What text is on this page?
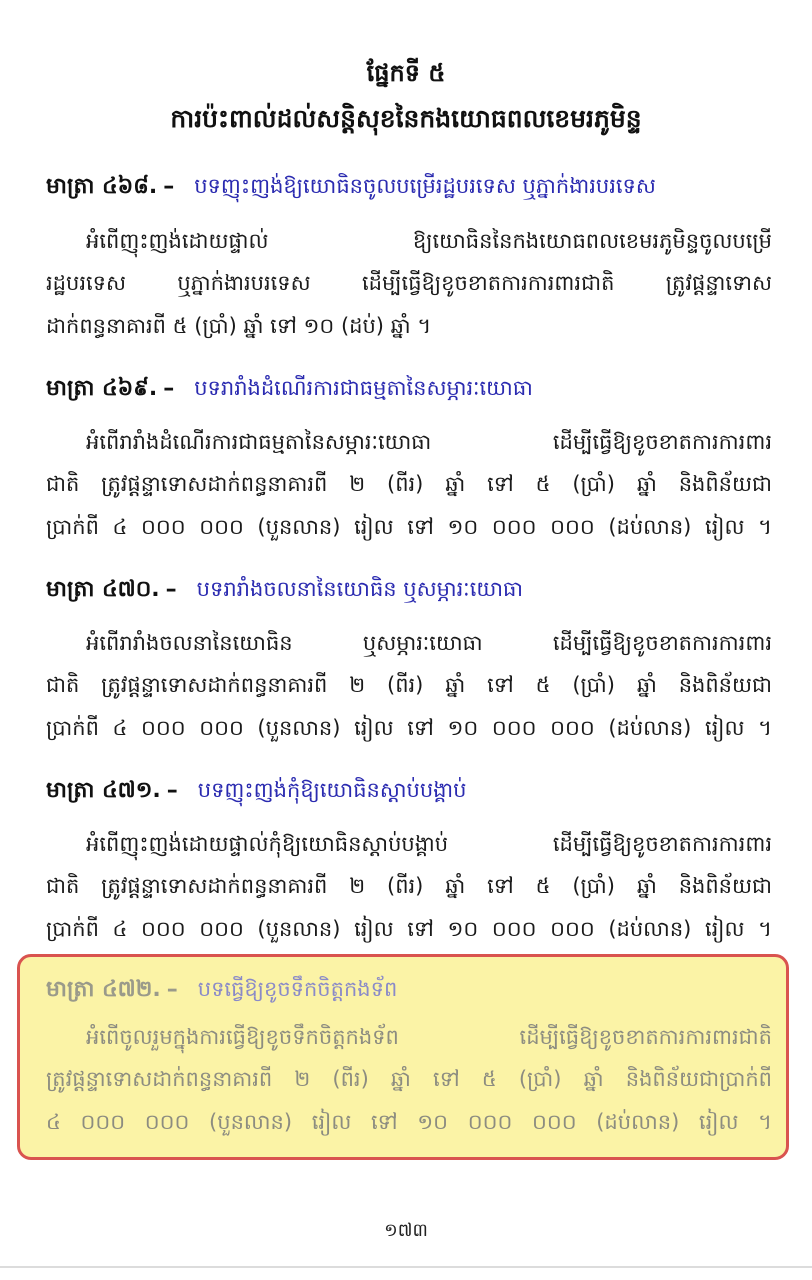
ផ្នែកទី ៥
ការប៉ះពាល់ដល់សន្តិសុខនៃកងយោធពលខេមរភូមិន្ទ
មាត្រា ៤៦៨. – បទញុះញង់ឱ្យយោធិនចូលបម្រើរដ្ឋបរទេស ឬភ្នាក់ងារបរទេស
អំពើញុះញង់ដោយផ្ទាល់ ឱ្យយោធិននៃកងយោធពលខេមរភូមិន្ទចូលបម្រើ
រដ្ឋបរទេស ឬភ្នាក់ងារបរទេស ដើម្បីធ្វើឱ្យខូចខាតការការពារជាតិ ត្រូវផ្តន្ទាទោស
ដាក់ពន្ធនាគារពី ៥ (ប្រាំ) ឆ្នាំ ទៅ ១០ (ដប់) ឆ្នាំ ។
មាត្រា ៤៦៩. – បទរារាំងដំណើរការជាធម្មតានៃសម្ភារៈយោធា
អំពើរារាំងដំណើរការជាធម្មតានៃសម្ភារៈយោធា ដើម្បីធ្វើឱ្យខូចខាតការការពារ
ជាតិ ត្រូវផ្តន្ទាទោសដាក់ពន្ធនាគារពី ២ (ពីរ) ឆ្នាំ ទៅ ៥ (ប្រាំ) ឆ្នាំ និងពិន័យជា
ប្រាក់ពី ៤ ០០០ ០០០ (បួនលាន) រៀល ទៅ ១០ ០០០ ០០០ (ដប់លាន) រៀល ។
មាត្រា ៤៧០. – បទរារាំងចលនានៃយោធិន ឬសម្ភារៈយោធា
អំពើរារាំងចលនានៃយោធិន ឬសម្ភារៈយោធា ដើម្បីធ្វើឱ្យខូចខាតការការពារ
ជាតិ ត្រូវផ្តន្ទាទោសដាក់ពន្ធនាគារពី ២ (ពីរ) ឆ្នាំ ទៅ ៥ (ប្រាំ) ឆ្នាំ និងពិន័យជា
ប្រាក់ពី ៤ ០០០ ០០០ (បួនលាន) រៀល ទៅ ១០ ០០០ ០០០ (ដប់លាន) រៀល ។
មាត្រា ៤៧១. – បទញុះញង់កុំឱ្យយោធិនស្តាប់បង្គាប់
អំពើញុះញង់ដោយផ្ទាល់កុំឱ្យយោធិនស្តាប់បង្គាប់ ដើម្បីធ្វើឱ្យខូចខាតការការពារ
ជាតិ ត្រូវផ្តន្ទាទោសដាក់ពន្ធនាគារពី ២ (ពីរ) ឆ្នាំ ទៅ ៥ (ប្រាំ) ឆ្នាំ និងពិន័យជា
ប្រាក់ពី ៤ ០០០ ០០០ (បួនលាន) រៀល ទៅ ១០ ០០០ ០០០ (ដប់លាន) រៀល ។
មាត្រា ៤៧២. – បទធ្វើឱ្យខូចទឹកចិត្តកងទ័ព
អំពើចូលរួមក្នុងការធ្វើឱ្យខូចទឹកចិត្តកងទ័ព ដើម្បីធ្វើឱ្យខូចខាតការការពារជាតិ
ត្រូវផ្តន្ទាទោសដាក់ពន្ធនាគារពី ២ (ពីរ) ឆ្នាំ ទៅ ៥ (ប្រាំ) ឆ្នាំ និងពិន័យជាប្រាក់ពី
៤ ០០០ ០០០ (បួនលាន) រៀល ទៅ ១០ ០០០ ០០០ (ដប់លាន) រៀល ។
១៧៣
